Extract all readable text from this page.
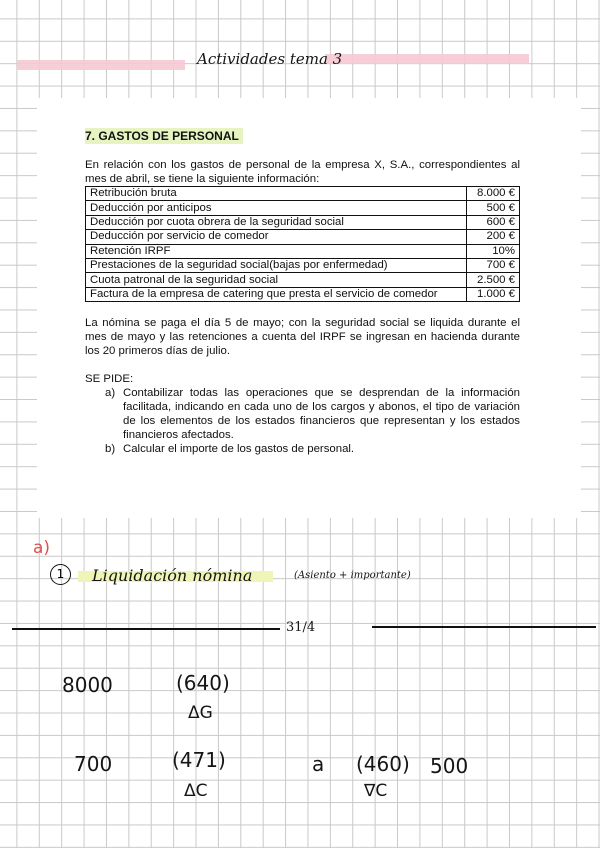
Actividades tema 3
7. GASTOS DE PERSONAL
En relación con los gastos de personal de la empresa X, S.A., correspondientes al mes de abril, se tiene la siguiente información:
Retribución bruta	8.000 €
Deducción por anticipos	500 €
Deducción por cuota obrera de la seguridad social	600 €
Deducción por servicio de comedor	200 €
Retención IRPF	10%
Prestaciones de la seguridad social(bajas por enfermedad)	700 €
Cuota patronal de la seguridad social	2.500 €
Factura de la empresa de catering que presta el servicio de comedor	1.000 €
La nómina se paga el día 5 de mayo; con la seguridad social se liquida durante el mes de mayo y las retenciones a cuenta del IRPF se ingresan en hacienda durante los 20 primeros días de julio.
SE PIDE:
a) Contabilizar todas las operaciones que se desprendan de la información facilitada, indicando en cada uno de los cargos y abonos, el tipo de variación de los elementos de los estados financieros que representan y los estados financieros afectados.
b) Calcular el importe de los gastos de personal.
a)
1	Liquidación nómina	(Asiento + importante)
31/4
8000	(640)
ΔG
700	(471)
ΔC
a (460) 500
∇C
